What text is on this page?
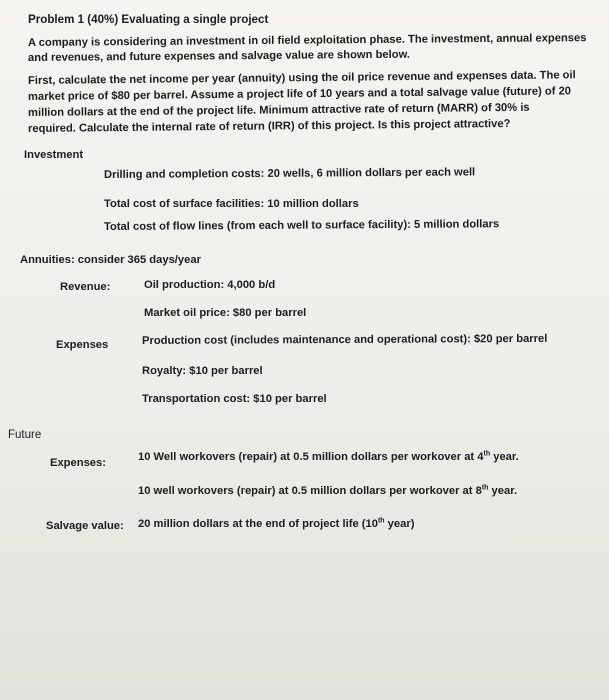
Problem 1 (40%) Evaluating a single project
A company is considering an investment in oil field exploitation phase. The investment, annual expenses
and revenues, and future expenses and salvage value are shown below.
First, calculate the net income per year (annuity) using the oil price revenue and expenses data. The oil
market price of $80 per barrel. Assume a project life of 10 years and a total salvage value (future) of 20
million dollars at the end of the project life. Minimum attractive rate of return (MARR) of 30% is
required. Calculate the internal rate of return (IRR) of this project. Is this project attractive?
Investment
Drilling and completion costs: 20 wells, 6 million dollars per each well
Total cost of surface facilities: 10 million dollars
Total cost of flow lines (from each well to surface facility): 5 million dollars
Annuities: consider 365 days/year
Revenue:	Oil production: 4,000 b/d
Market oil price: $80 per barrel
Expenses	Production cost (includes maintenance and operational cost): $20 per barrel
Royalty: $10 per barrel
Transportation cost: $10 per barrel
Future
Expenses:	10 Well workovers (repair) at 0.5 million dollars per workover at 4th year.
10 well workovers (repair) at 0.5 million dollars per workover at 8th year.
Salvage value: 20 million dollars at the end of project life (10th year)
